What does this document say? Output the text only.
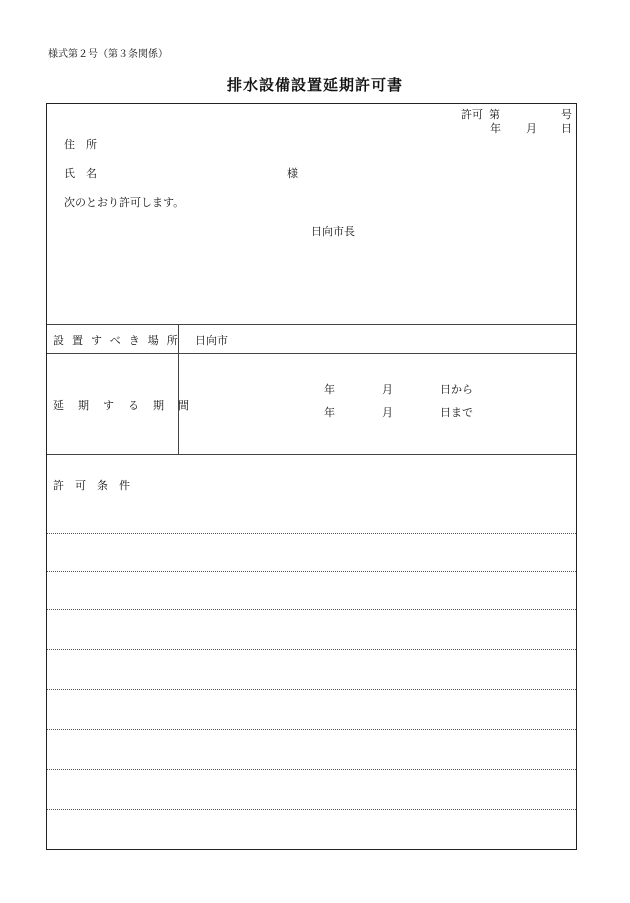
様式第２号（第３条関係）
排水設備設置延期許可書
許可 第	号
年 月 日
住　所
氏　名	様
次のとおり許可します。
日向市長
設置すべき場所 日向市
延期する期間
年	月	日から
年	月	日まで
許　可　条　件
